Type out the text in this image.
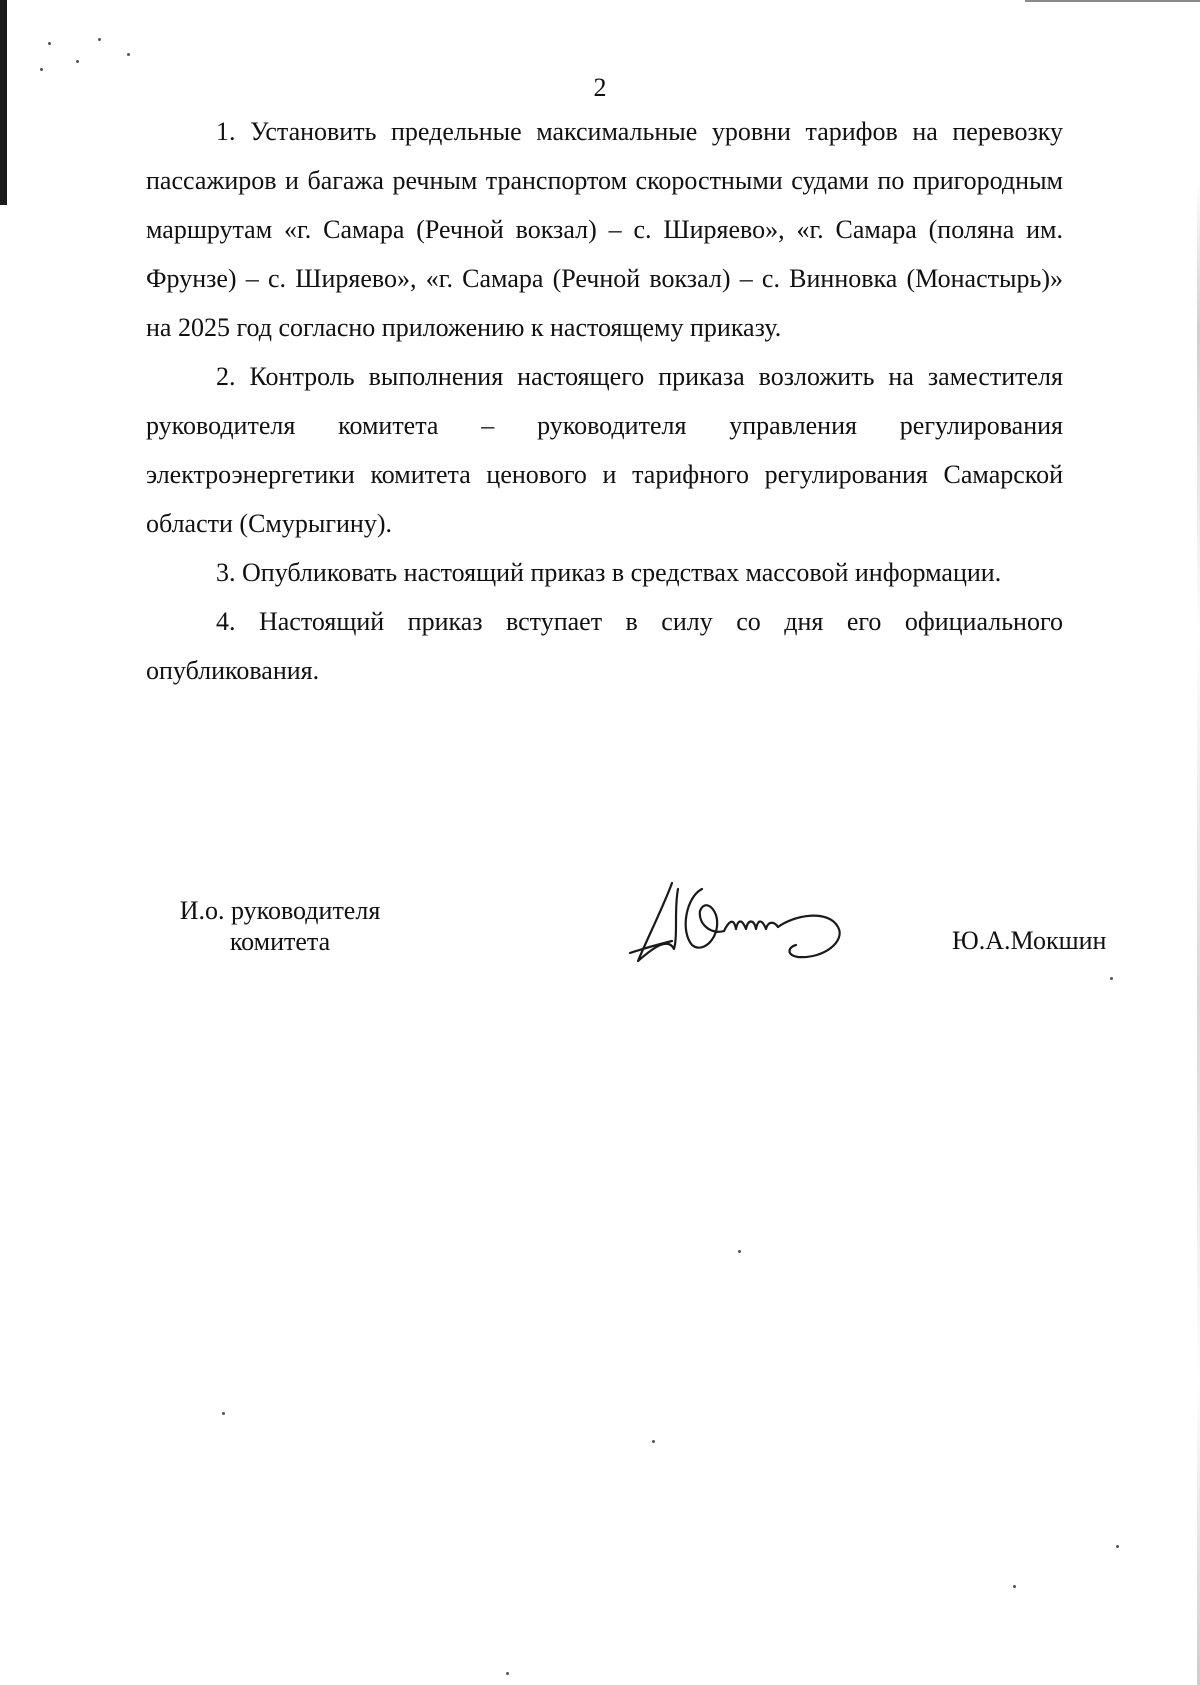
2

1. Установить предельные максимальные уровни тарифов на перевозку пассажиров и багажа речным транспортом скоростными судами по пригородным маршрутам «г. Самара (Речной вокзал) – с. Ширяево», «г. Самара (поляна им. Фрунзе) – с. Ширяево», «г. Самара (Речной вокзал) – с. Винновка (Монастырь)» на 2025 год согласно приложению к настоящему приказу.

2. Контроль выполнения настоящего приказа возложить на заместителя руководителя комитета – руководителя управления регулирования электроэнергетики комитета ценового и тарифного регулирования Самарской области (Смурыгину).

3. Опубликовать настоящий приказ в средствах массовой информации.

4. Настоящий приказ вступает в силу со дня его официального опубликования.

И.о. руководителя
комитета	Ю.А.Мокшин
